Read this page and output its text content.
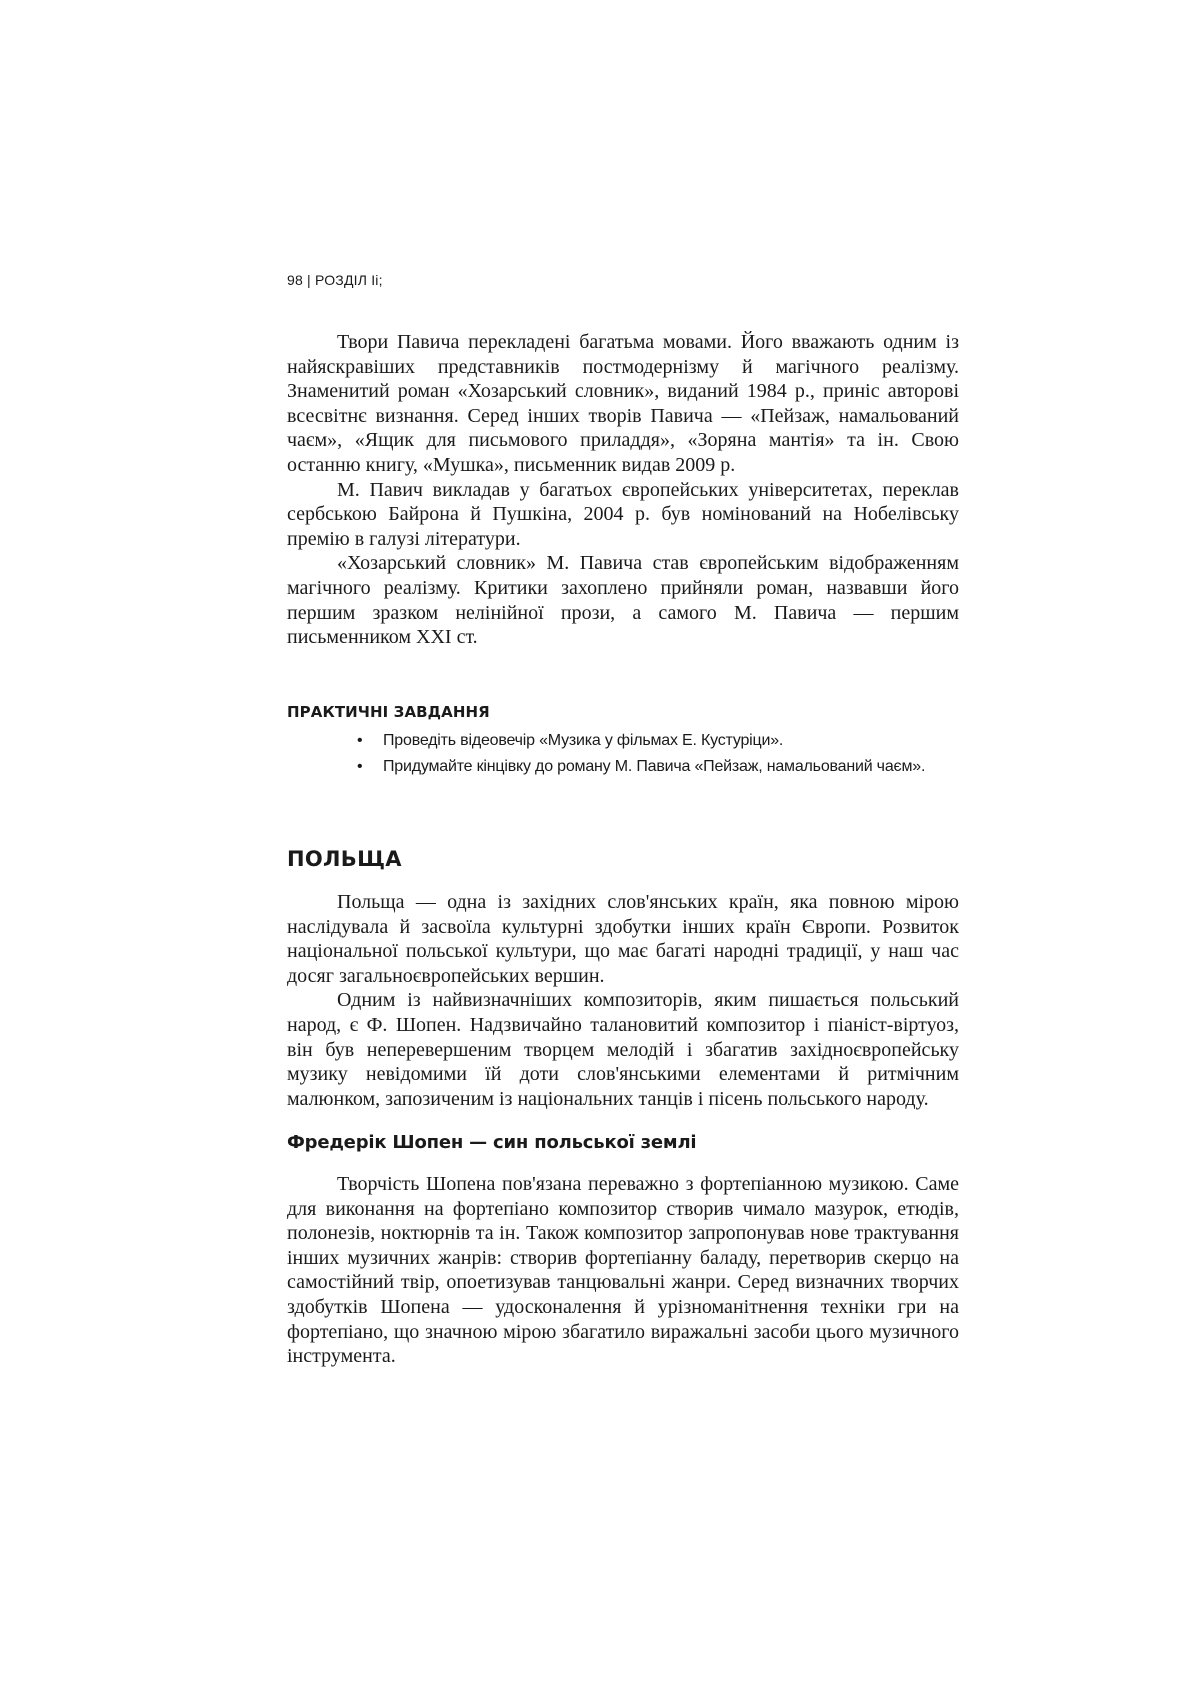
98 | РОЗДІЛ Ii;

Твори Павича перекладені багатьма мовами. Його вважають одним із найяскравіших представників постмодернізму й магічного реалізму. Знаменитий роман «Хозарський словник», виданий 1984 р., приніс авторові всесвітнє визнання. Серед інших творів Павича — «Пейзаж, намальований чаєм», «Ящик для письмового приладдя», «Зоряна мантія» та ін. Свою останню книгу, «Мушка», письменник видав 2009 р.

М. Павич викладав у багатьох європейських університетах, переклав сербською Байрона й Пушкіна, 2004 р. був номінований на Нобелівську премію в галузі літератури.

«Хозарський словник» М. Павича став європейським відображенням магічного реалізму. Критики захоплено прийняли роман, назвавши його першим зразком нелінійної прози, а самого М. Павича — першим письменником XXI ст.

ПРАКТИЧНІ ЗАВДАННЯ
• Проведіть відеовечір «Музика у фільмах Е. Кустуріци».
• Придумайте кінцівку до роману М. Павича «Пейзаж, намальований чаєм».
ПОЛЬЩА

Польща — одна із західних слов'янських країн, яка повною мірою наслідувала й засвоїла культурні здобутки інших країн Європи. Розвиток національної польської культури, що має багаті народні традиції, у наш час досяг загальноєвропейських вершин.

Одним із найвизначніших композиторів, яким пишається польський народ, є Ф. Шопен. Надзвичайно талановитий композитор і піаніст-віртуоз, він був неперевершеним творцем мелодій і збагатив західноєвропейську музику невідомими їй доти слов'янськими елементами й ритмічним малюнком, запозиченим із національних танців і пісень польського народу.

Фредерік Шопен — син польської землі

Творчість Шопена пов'язана переважно з фортепіанною музикою. Саме для виконання на фортепіано композитор створив чимало мазурок, етюдів, полонезів, ноктюрнів та ін. Також композитор запропонував нове трактування інших музичних жанрів: створив фортепіанну баладу, перетворив скерцо на самостійний твір, опоетизував танцювальні жанри. Серед визначних творчих здобутків Шопена — удосконалення й урізноманітнення техніки гри на фортепіано, що значною мірою збагатило виражальні засоби цього музичного інструмента.
